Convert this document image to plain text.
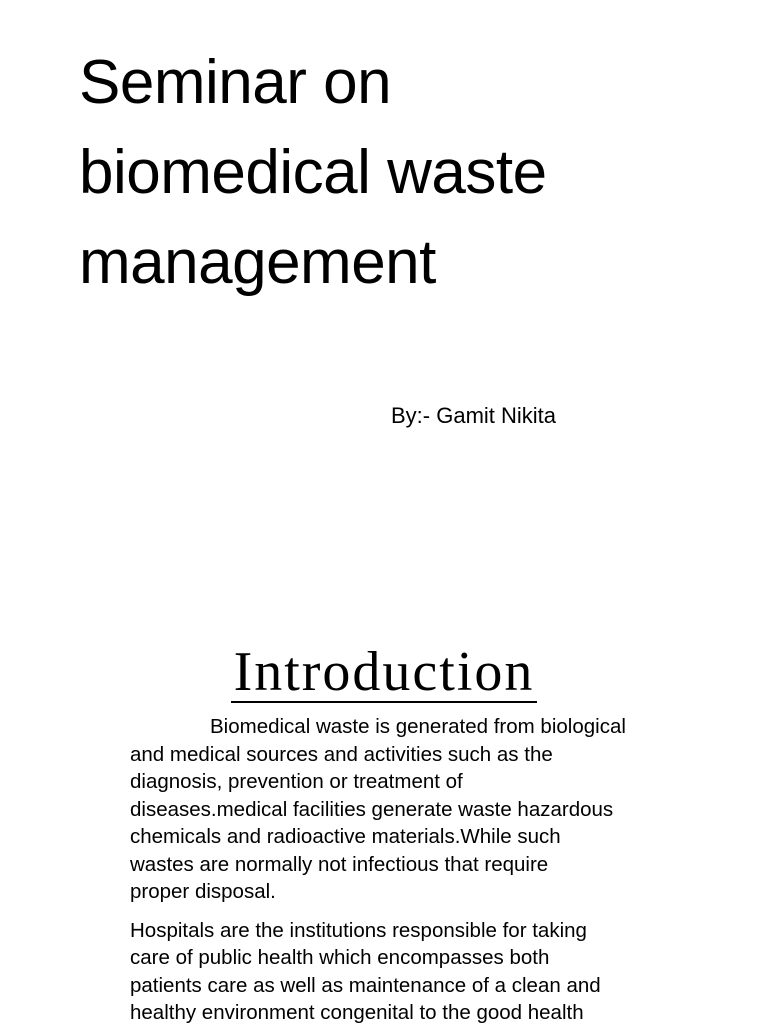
Seminar on
biomedical waste
management
By:- Gamit Nikita
Introduction

Biomedical waste is generated from biological
and medical sources and activities such as the
diagnosis, prevention or treatment of
diseases.medical facilities generate waste hazardous
chemicals and radioactive materials.While such
wastes are normally not infectious that require
proper disposal.

Hospitals are the institutions responsible for taking
care of public health which encompasses both
patients care as well as maintenance of a clean and
healthy environment congenital to the good health
